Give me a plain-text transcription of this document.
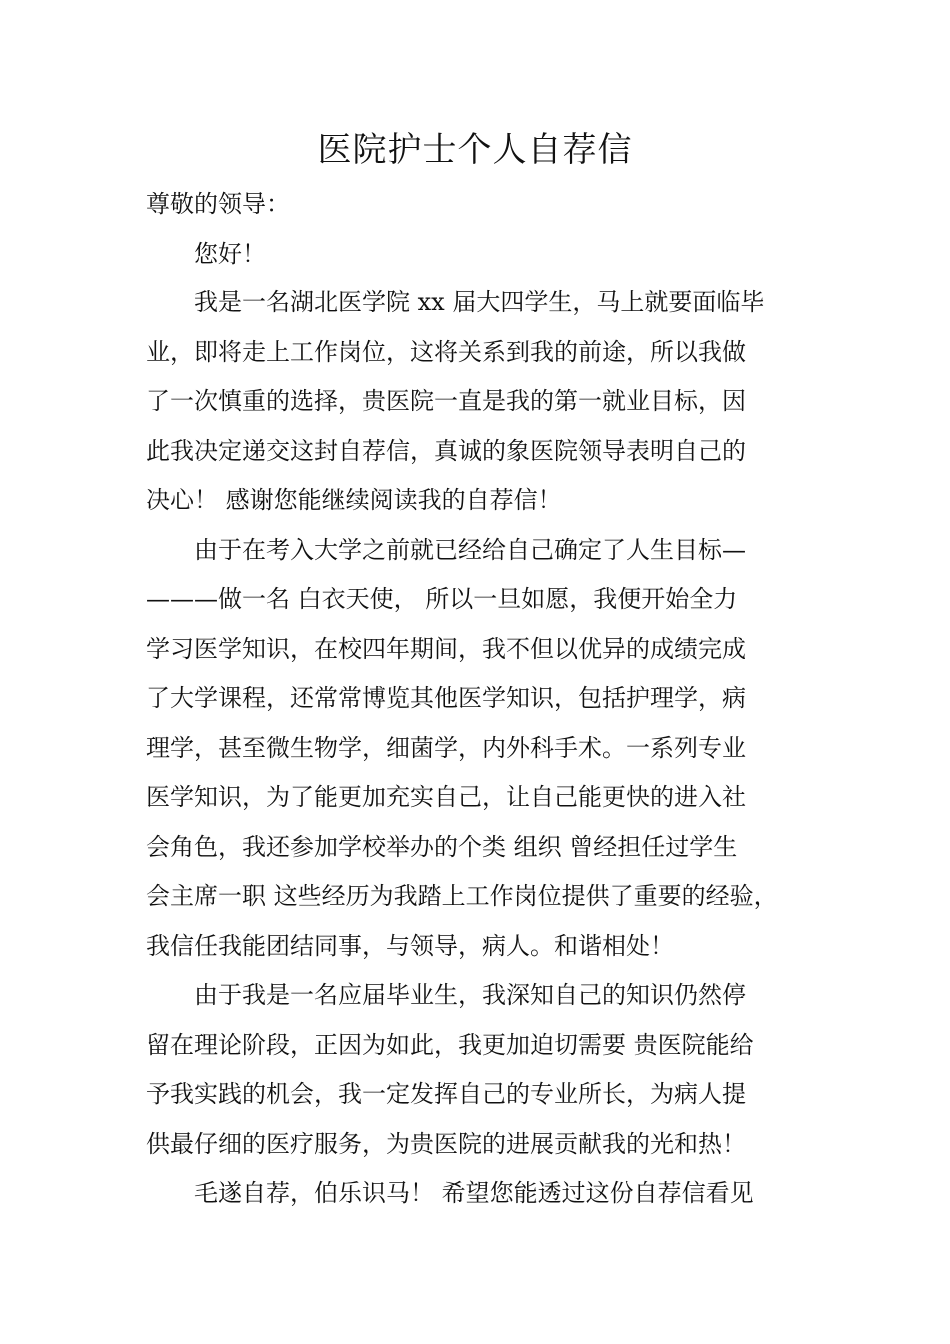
医院护士个人自荐信

尊敬的领导：

您好！

我是一名湖北医学院 xx 届大四学生，马上就要面临毕
业，即将走上工作岗位，这将关系到我的前途，所以我做
了一次慎重的选择，贵医院一直是我的第一就业目标，因
此我决定递交这封自荐信，真诚的象医院领导表明自己的
决心！ 感谢您能继续阅读我的自荐信！
由于在考入大学之前就已经给自己确定了人生目标—
———做一名 白衣天使， 所以一旦如愿，我便开始全力
学习医学知识，在校四年期间，我不但以优异的成绩完成
了大学课程，还常常博览其他医学知识，包括护理学，病
理学，甚至微生物学，细菌学，内外科手术。一系列专业
医学知识，为了能更加充实自己，让自己能更快的进入社
会角色，我还参加学校举办的个类 组织 曾经担任过学生
会主席一职 这些经历为我踏上工作岗位提供了重要的经验，
我信任我能团结同事，与领导，病人。和谐相处！
由于我是一名应届毕业生，我深知自己的知识仍然停
留在理论阶段，正因为如此，我更加迫切需要 贵医院能给
予我实践的机会，我一定发挥自己的专业所长，为病人提
供最仔细的医疗服务，为贵医院的进展贡献我的光和热！
毛遂自荐，伯乐识马！ 希望您能透过这份自荐信看见
